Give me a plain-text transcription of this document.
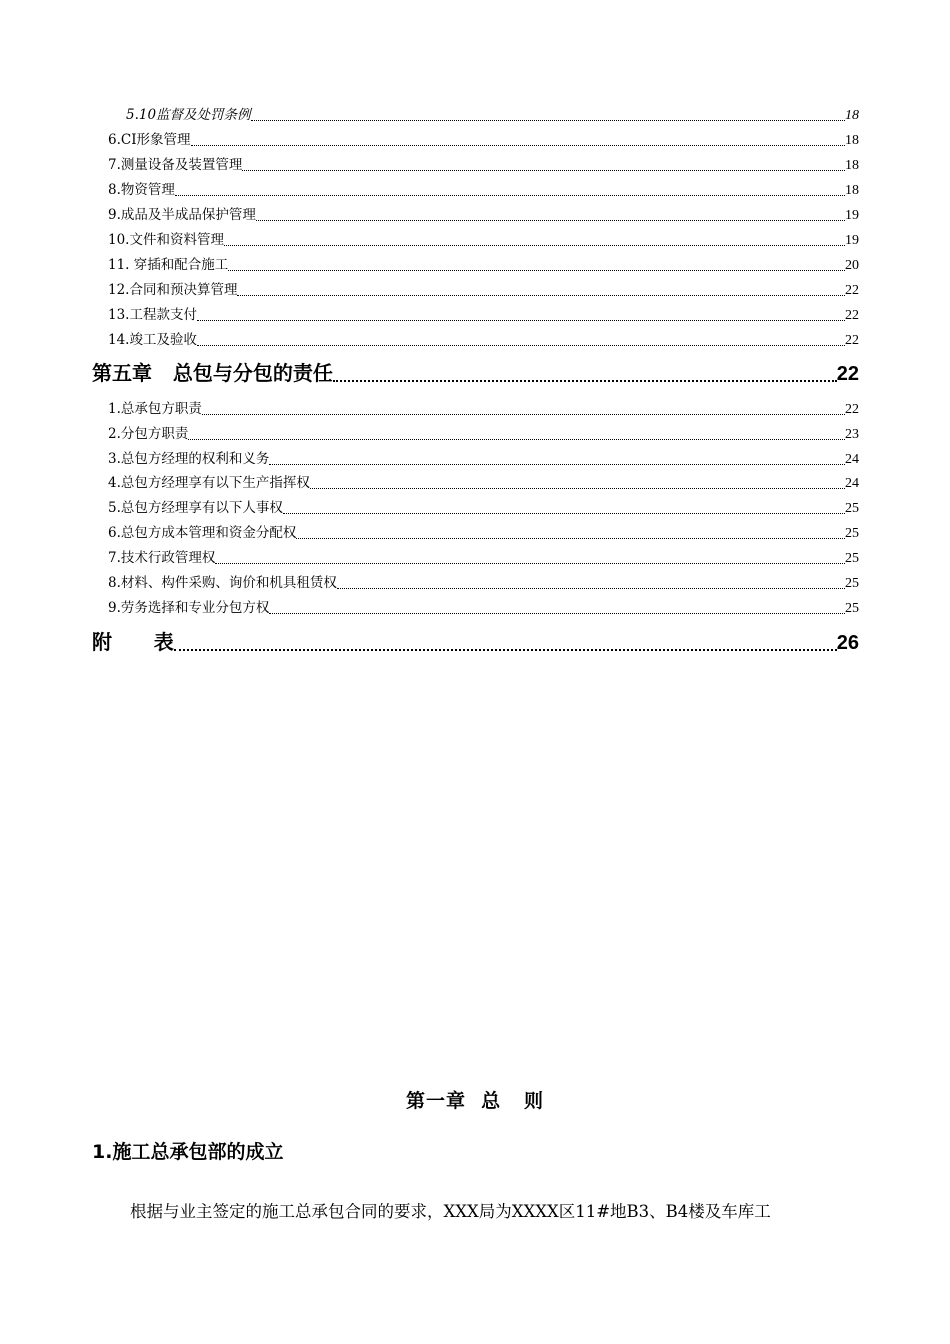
5.10监督及处罚条例	18
6.CI形象管理	18
7.测量设备及装置管理	18
8.物资管理	18
9.成品及半成品保护管理	19
10.文件和资料管理	19
11. 穿插和配合施工	20
12.合同和预决算管理	22
13.工程款支付	22
14.竣工及验收	22
第五章   总包与分包的责任	22
1.总承包方职责	22
2.分包方职责	23
3.总包方经理的权利和义务	24
4.总包方经理享有以下生产指挥权	24
5.总包方经理享有以下人事权	25
6.总包方成本管理和资金分配权	25
7.技术行政管理权	25
8.材料、构件采购、询价和机具租赁权	25
9.劳务选择和专业分包方权	25
附      表	26
第一章  总   则
1.施工总承包部的成立
根据与业主签定的施工总承包合同的要求，XXX局为XXXX区11#地B3、B4楼及车库工
